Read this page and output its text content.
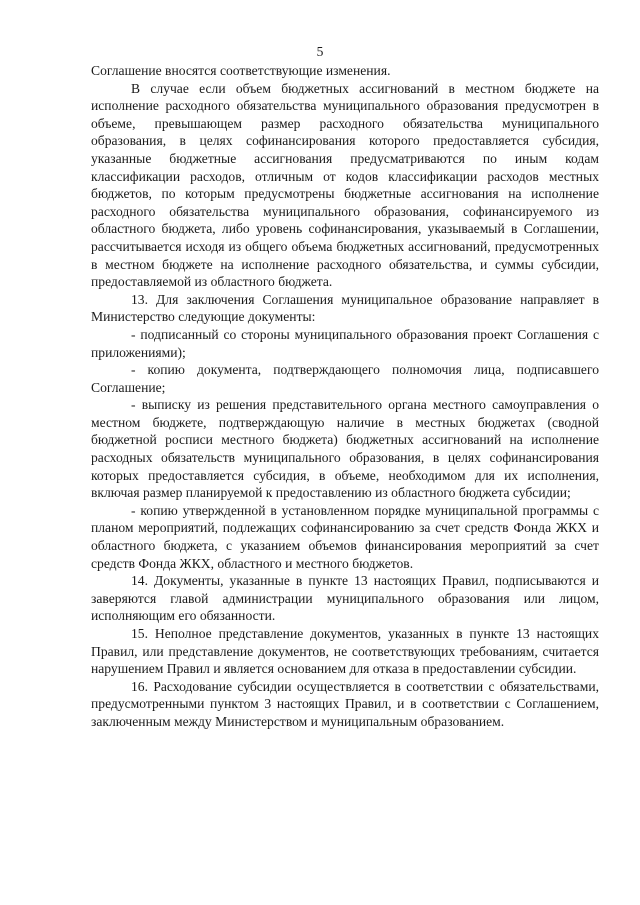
5

Соглашение вносятся соответствующие изменения.

В случае если объем бюджетных ассигнований в местном бюджете на исполнение расходного обязательства муниципального образования предусмотрен в объеме, превышающем размер расходного обязательства муниципального образования, в целях софинансирования которого предоставляется субсидия, указанные бюджетные ассигнования предусматриваются по иным кодам классификации расходов, отличным от кодов классификации расходов местных бюджетов, по которым предусмотрены бюджетные ассигнования на исполнение расходного обязательства муниципального образования, софинансируемого из областного бюджета, либо уровень софинансирования, указываемый в Соглашении, рассчитывается исходя из общего объема бюджетных ассигнований, предусмотренных в местном бюджете на исполнение расходного обязательства, и суммы субсидии, предоставляемой из областного бюджета.

13. Для заключения Соглашения муниципальное образование направляет в Министерство следующие документы:

- подписанный со стороны муниципального образования проект Соглашения с приложениями);

- копию документа, подтверждающего полномочия лица, подписавшего Соглашение;

- выписку из решения представительного органа местного самоуправления о местном бюджете, подтверждающую наличие в местных бюджетах (сводной бюджетной росписи местного бюджета) бюджетных ассигнований на исполнение расходных обязательств муниципального образования, в целях софинансирования которых предоставляется субсидия, в объеме, необходимом для их исполнения, включая размер планируемой к предоставлению из областного бюджета субсидии;

- копию утвержденной в установленном порядке муниципальной программы с планом мероприятий, подлежащих софинансированию за счет средств Фонда ЖКХ и областного бюджета, с указанием объемов финансирования мероприятий за счет средств Фонда ЖКХ, областного и местного бюджетов.

14. Документы, указанные в пункте 13 настоящих Правил, подписываются и заверяются главой администрации муниципального образования или лицом, исполняющим его обязанности.

15. Неполное представление документов, указанных в пункте 13 настоящих Правил, или представление документов, не соответствующих требованиям, считается нарушением Правил и является основанием для отказа в предоставлении субсидии.

16. Расходование субсидии осуществляется в соответствии с обязательствами, предусмотренными пунктом 3 настоящих Правил, и в соответствии с Соглашением, заключенным между Министерством и муниципальным образованием.
